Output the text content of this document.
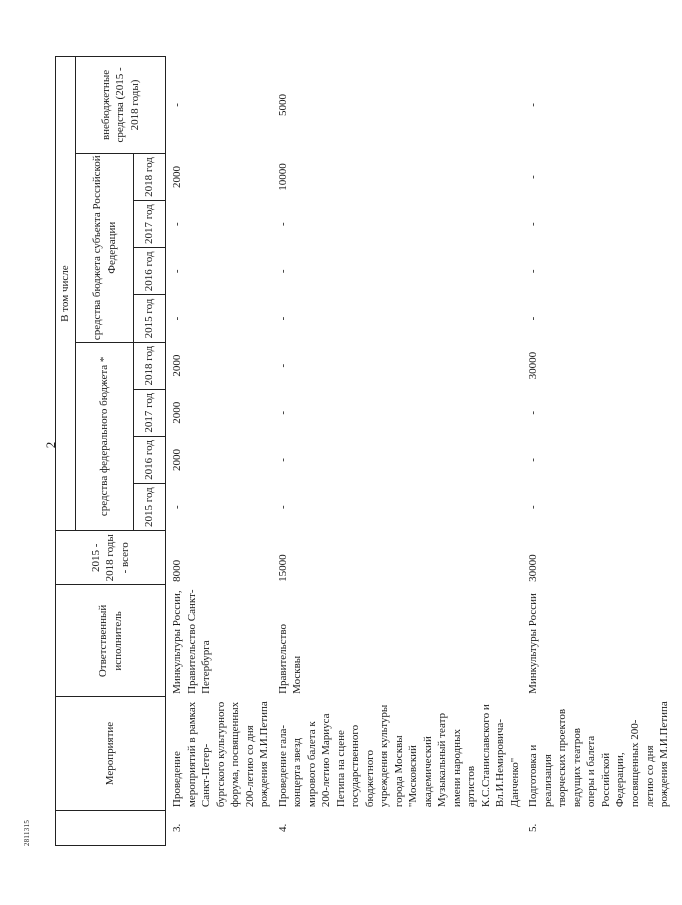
2
2811315
	Мероприятие	Ответственный исполнитель	2015 - 2018 годы - всего	В том числе								
				средства федерального бюджета *				средства бюджета субъекта Российской Федерации				внебюджетные средства (2015 - 2018 годы)

				2015 год	2016 год	2017 год	2018 год	2015 год	2016 год	2017 год	2018 год	
3.	Проведение мероприятий в рамках Санкт-Петер- бургского культурного форума, посвященных 200-летию со дня рождения М.И.Петипа	Минкультуры России, Правительство Санкт- Петербурга	8000	-	2000	2000	2000	-	-	-	2000	-
4.	Проведение гала-концерта звезд мирового балета к 200-летию Мариуса Петипа на сцене государственного бюджетного учреждения культуры города Москвы "Московский академический Музыкальный театр имени народных артистов К.С.Станиславского и Вл.И.Немировича- Данченко"	Правительство Москвы	15000	-	-	-	-	-	-	-	10000	5000
5.	Подготовка и реализация творческих проектов ведущих театров оперы и балета Российской Федерации, посвященных 200-летию со дня рождения М.И.Петипа	Минкультуры России	30000	-	-	-	30000	-	-	-	-	-
